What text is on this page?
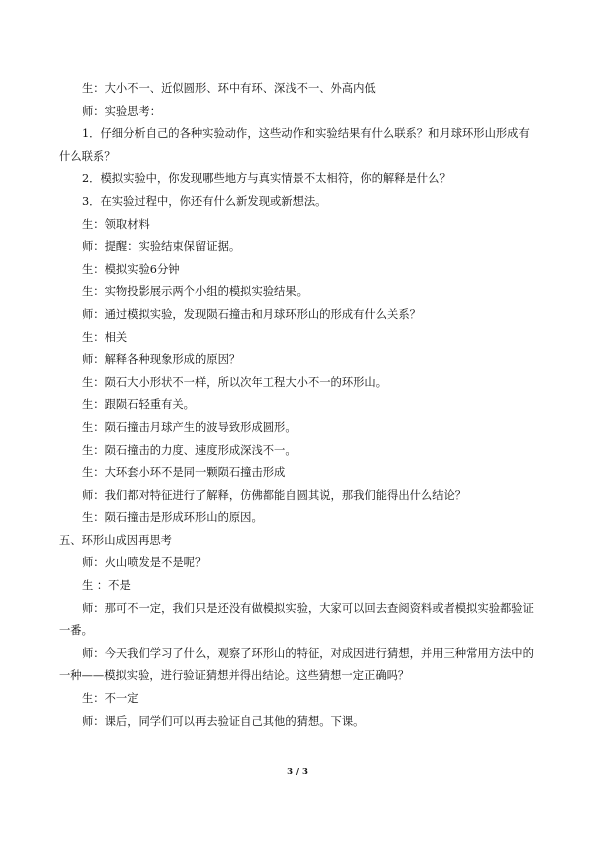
生：大小不一、近似圆形、环中有环、深浅不一、外高内低

师：实验思考：

1．仔细分析自己的各种实验动作，这些动作和实验结果有什么联系？和月球环形山形成有什么联系？

2．模拟实验中，你发现哪些地方与真实情景不太相符，你的解释是什么？

3．在实验过程中，你还有什么新发现或新想法。

生：领取材料

师：提醒：实验结束保留证据。

生：模拟实验6分钟

生：实物投影展示两个小组的模拟实验结果。

师：通过模拟实验，发现陨石撞击和月球环形山的形成有什么关系？

生：相关

师：解释各种现象形成的原因？

生：陨石大小形状不一样，所以次年工程大小不一的环形山。

生：跟陨石轻重有关。

生：陨石撞击月球产生的波导致形成圆形。

生：陨石撞击的力度、速度形成深浅不一。

生：大环套小环不是同一颗陨石撞击形成

师：我们都对特征进行了解释，仿佛都能自圆其说，那我们能得出什么结论？

生：陨石撞击是形成环形山的原因。

五、环形山成因再思考

师：火山喷发是不是呢？

生 ：不是

师：那可不一定，我们只是还没有做模拟实验，大家可以回去查阅资料或者模拟实验都验证一番。

师：今天我们学习了什么，观察了环形山的特征，对成因进行猜想，并用三种常用方法中的一种——模拟实验，进行验证猜想并得出结论。这些猜想一定正确吗？

生：不一定

师：课后，同学们可以再去验证自己其他的猜想。下课。

3 / 3
